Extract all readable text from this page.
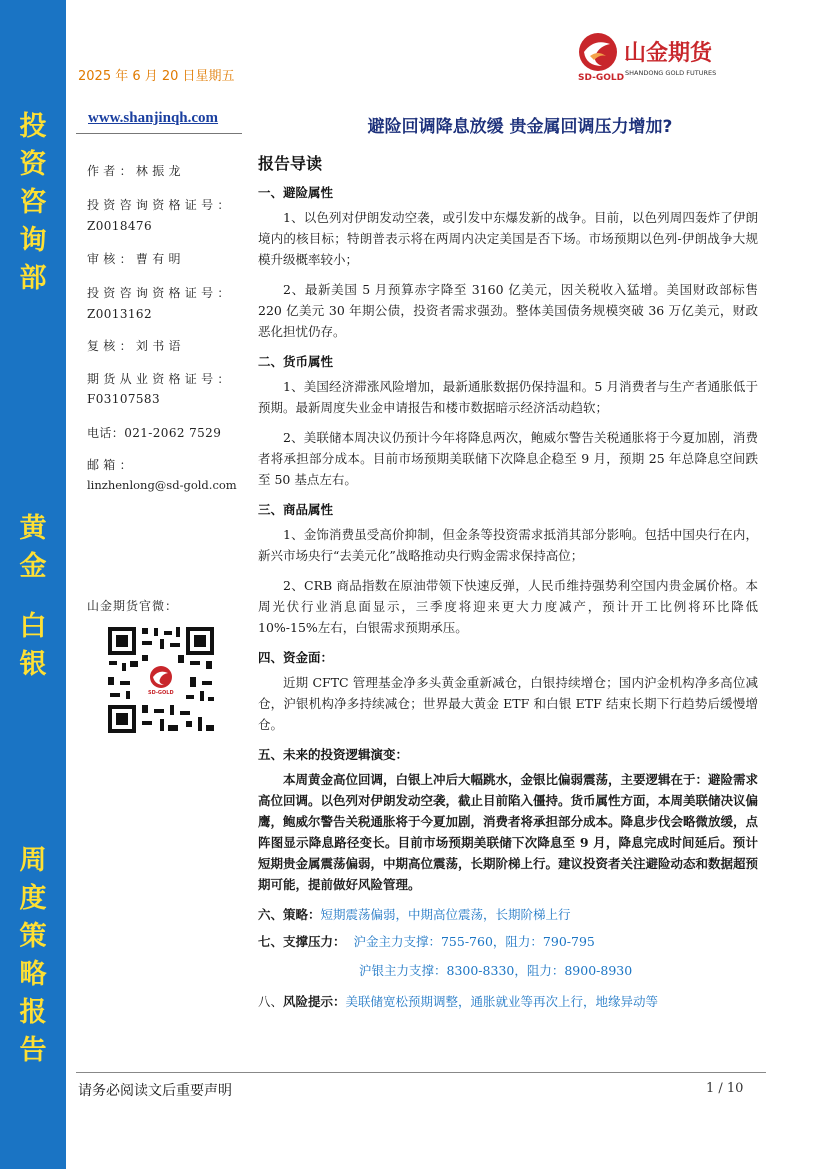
投
资
咨
询
部
黄
金
白
银
周
度
策
略
报
告
2025 年 6 月 20 日星期五	SD-GOLD
山金期货
SHANDONG GOLD FUTURES
www.shanjinqh.com	避险回调降息放缓 贵金属回调压力增加?
作者：林振龙
投资咨询资格证号：
Z0018476
审核：曹有明
投资咨询资格证号：
Z0013162
复核：刘书语
期货从业资格证号：
F03107583
电话：021-2062 7529
邮箱：
linzhenlong@sd-gold.com
山金期货官微：
SD-GOLD
报告导读
一、避险属性

1、以色列对伊朗发动空袭，或引发中东爆发新的战争。目前，以色列周四轰炸了伊朗境内的核目标；特朗普表示将在两周内决定美国是否下场。市场预期以色列-伊朗战争大规模升级概率较小；

2、最新美国 5 月预算赤字降至 3160 亿美元，因关税收入猛增。美国财政部标售 220 亿美元 30 年期公债，投资者需求强劲。整体美国债务规模突破 36 万亿美元，财政恶化担忧仍存。

二、货币属性

1、美国经济滞涨风险增加，最新通胀数据仍保持温和。5 月消费者与生产者通胀低于预期。最新周度失业金申请报告和楼市数据暗示经济活动趋软；

2、美联储本周决议仍预计今年将降息两次，鲍威尔警告关税通胀将于今夏加剧，消费者将承担部分成本。目前市场预期美联储下次降息企稳至 9 月，预期 25 年总降息空间跌至 50 基点左右。

三、商品属性

1、金饰消费虽受高价抑制，但金条等投资需求抵消其部分影响。包括中国央行在内，新兴市场央行“去美元化”战略推动央行购金需求保持高位；

2、CRB 商品指数在原油带领下快速反弹，人民币维持强势利空国内贵金属价格。本周光伏行业消息面显示，三季度将迎来更大力度减产，预计开工比例将环比降低 10%-15%左右，白银需求预期承压。

四、资金面：

近期 CFTC 管理基金净多头黄金重新减仓，白银持续增仓；国内沪金机构净多高位减仓，沪银机构净多持续减仓；世界最大黄金 ETF 和白银 ETF 结束长期下行趋势后缓慢增仓。

五、未来的投资逻辑演变：

本周黄金高位回调，白银上冲后大幅跳水，金银比偏弱震荡，主要逻辑在于：避险需求高位回调。以色列对伊朗发动空袭，截止目前陷入僵持。货币属性方面，本周美联储决议偏鹰，鲍威尔警告关税通胀将于今夏加剧，消费者将承担部分成本。降息步伐会略微放缓，点阵图显示降息路径变长。目前市场预期美联储下次降息至 9 月，降息完成时间延后。预计短期贵金属震荡偏弱，中期高位震荡，长期阶梯上行。建议投资者关注避险动态和数据超预期可能，提前做好风险管理。

六、策略：短期震荡偏弱，中期高位震荡，长期阶梯上行
七、支撑压力： 沪金主力支撑：755-760，阻力：790-795
沪银主力支撑：8300-8330，阻力：8900-8930
八、风险提示：美联储宽松预期调整，通胀就业等再次上行，地缘异动等
请务必阅读文后重要声明	1 / 10
